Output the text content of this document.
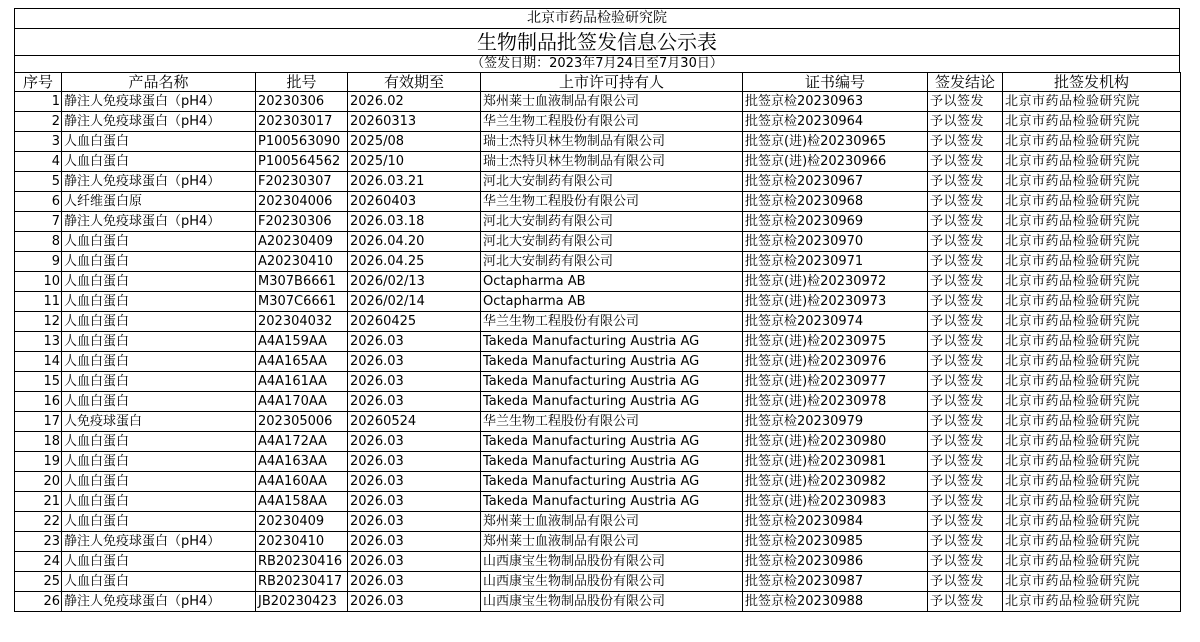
北京市药品检验研究院
生物制品批签发信息公示表
（签发日期：2023年7月24日至7月30日）
序号	产品名称	批号	有效期至	上市许可持有人	证书编号	签发结论	批签发机构
1	静注人免疫球蛋白（pH4）	20230306	2026.02	郑州莱士血液制品有限公司	批签京检20230963	予以签发	北京市药品检验研究院
2	静注人免疫球蛋白（pH4）	202303017	20260313	华兰生物工程股份有限公司	批签京检20230964	予以签发	北京市药品检验研究院
3	人血白蛋白	P100563090	2025/08	瑞士杰特贝林生物制品有限公司	批签京(进)检20230965	予以签发	北京市药品检验研究院
4	人血白蛋白	P100564562	2025/10	瑞士杰特贝林生物制品有限公司	批签京(进)检20230966	予以签发	北京市药品检验研究院
5	静注人免疫球蛋白（pH4）	F20230307	2026.03.21	河北大安制药有限公司	批签京检20230967	予以签发	北京市药品检验研究院
6	人纤维蛋白原	202304006	20260403	华兰生物工程股份有限公司	批签京检20230968	予以签发	北京市药品检验研究院
7	静注人免疫球蛋白（pH4）	F20230306	2026.03.18	河北大安制药有限公司	批签京检20230969	予以签发	北京市药品检验研究院
8	人血白蛋白	A20230409	2026.04.20	河北大安制药有限公司	批签京检20230970	予以签发	北京市药品检验研究院
9	人血白蛋白	A20230410	2026.04.25	河北大安制药有限公司	批签京检20230971	予以签发	北京市药品检验研究院
10	人血白蛋白	M307B6661	2026/02/13	Octapharma AB	批签京(进)检20230972	予以签发	北京市药品检验研究院
11	人血白蛋白	M307C6661	2026/02/14	Octapharma AB	批签京(进)检20230973	予以签发	北京市药品检验研究院
12	人血白蛋白	202304032	20260425	华兰生物工程股份有限公司	批签京检20230974	予以签发	北京市药品检验研究院
13	人血白蛋白	A4A159AA	2026.03	Takeda Manufacturing Austria AG	批签京(进)检20230975	予以签发	北京市药品检验研究院
14	人血白蛋白	A4A165AA	2026.03	Takeda Manufacturing Austria AG	批签京(进)检20230976	予以签发	北京市药品检验研究院
15	人血白蛋白	A4A161AA	2026.03	Takeda Manufacturing Austria AG	批签京(进)检20230977	予以签发	北京市药品检验研究院
16	人血白蛋白	A4A170AA	2026.03	Takeda Manufacturing Austria AG	批签京(进)检20230978	予以签发	北京市药品检验研究院
17	人免疫球蛋白	202305006	20260524	华兰生物工程股份有限公司	批签京检20230979	予以签发	北京市药品检验研究院
18	人血白蛋白	A4A172AA	2026.03	Takeda Manufacturing Austria AG	批签京(进)检20230980	予以签发	北京市药品检验研究院
19	人血白蛋白	A4A163AA	2026.03	Takeda Manufacturing Austria AG	批签京(进)检20230981	予以签发	北京市药品检验研究院
20	人血白蛋白	A4A160AA	2026.03	Takeda Manufacturing Austria AG	批签京(进)检20230982	予以签发	北京市药品检验研究院
21	人血白蛋白	A4A158AA	2026.03	Takeda Manufacturing Austria AG	批签京(进)检20230983	予以签发	北京市药品检验研究院
22	人血白蛋白	20230409	2026.03	郑州莱士血液制品有限公司	批签京检20230984	予以签发	北京市药品检验研究院
23	静注人免疫球蛋白（pH4）	20230410	2026.03	郑州莱士血液制品有限公司	批签京检20230985	予以签发	北京市药品检验研究院
24	人血白蛋白	RB20230416	2026.03	山西康宝生物制品股份有限公司	批签京检20230986	予以签发	北京市药品检验研究院
25	人血白蛋白	RB20230417	2026.03	山西康宝生物制品股份有限公司	批签京检20230987	予以签发	北京市药品检验研究院
26	静注人免疫球蛋白（pH4）	JB20230423	2026.03	山西康宝生物制品股份有限公司	批签京检20230988	予以签发	北京市药品检验研究院
